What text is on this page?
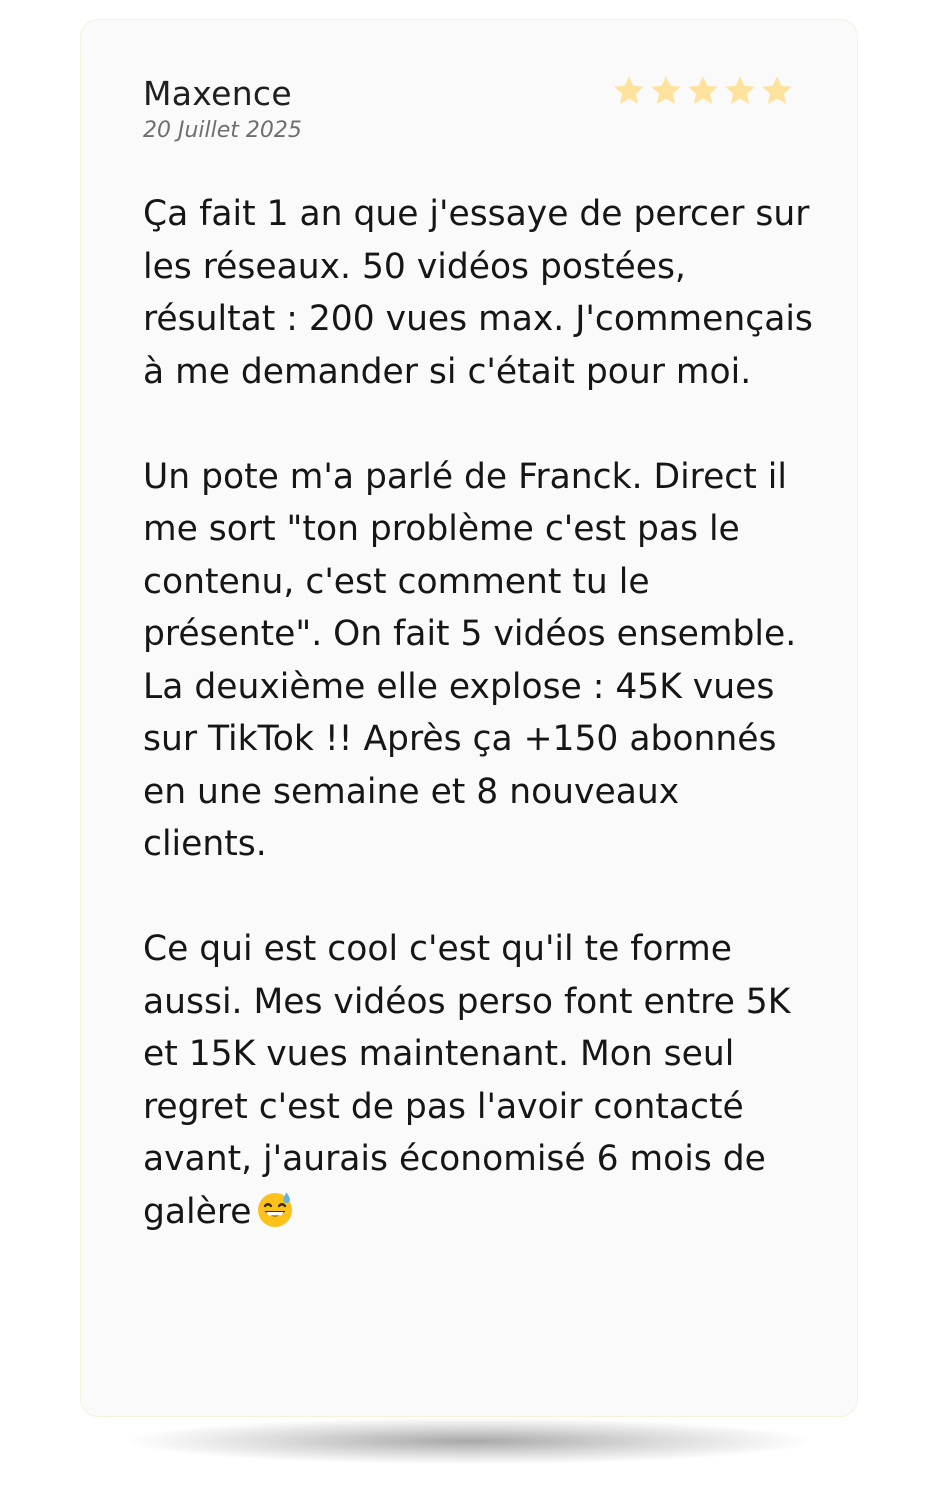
Maxence
20 Juillet 2025

Ça fait 1 an que j'essaye de percer sur les réseaux. 50 vidéos postées, résultat : 200 vues max. J'commençais à me demander si c'était pour moi.

Un pote m'a parlé de Franck. Direct il me sort "ton problème c'est pas le contenu, c'est comment tu le présente". On fait 5 vidéos ensemble. La deuxième elle explose : 45K vues sur TikTok !! Après ça +150 abonnés en une semaine et 8 nouveaux clients.

Ce qui est cool c'est qu'il te forme aussi. Mes vidéos perso font entre 5K et 15K vues maintenant. Mon seul regret c'est de pas l'avoir contacté avant, j'aurais économisé 6 mois de galère
